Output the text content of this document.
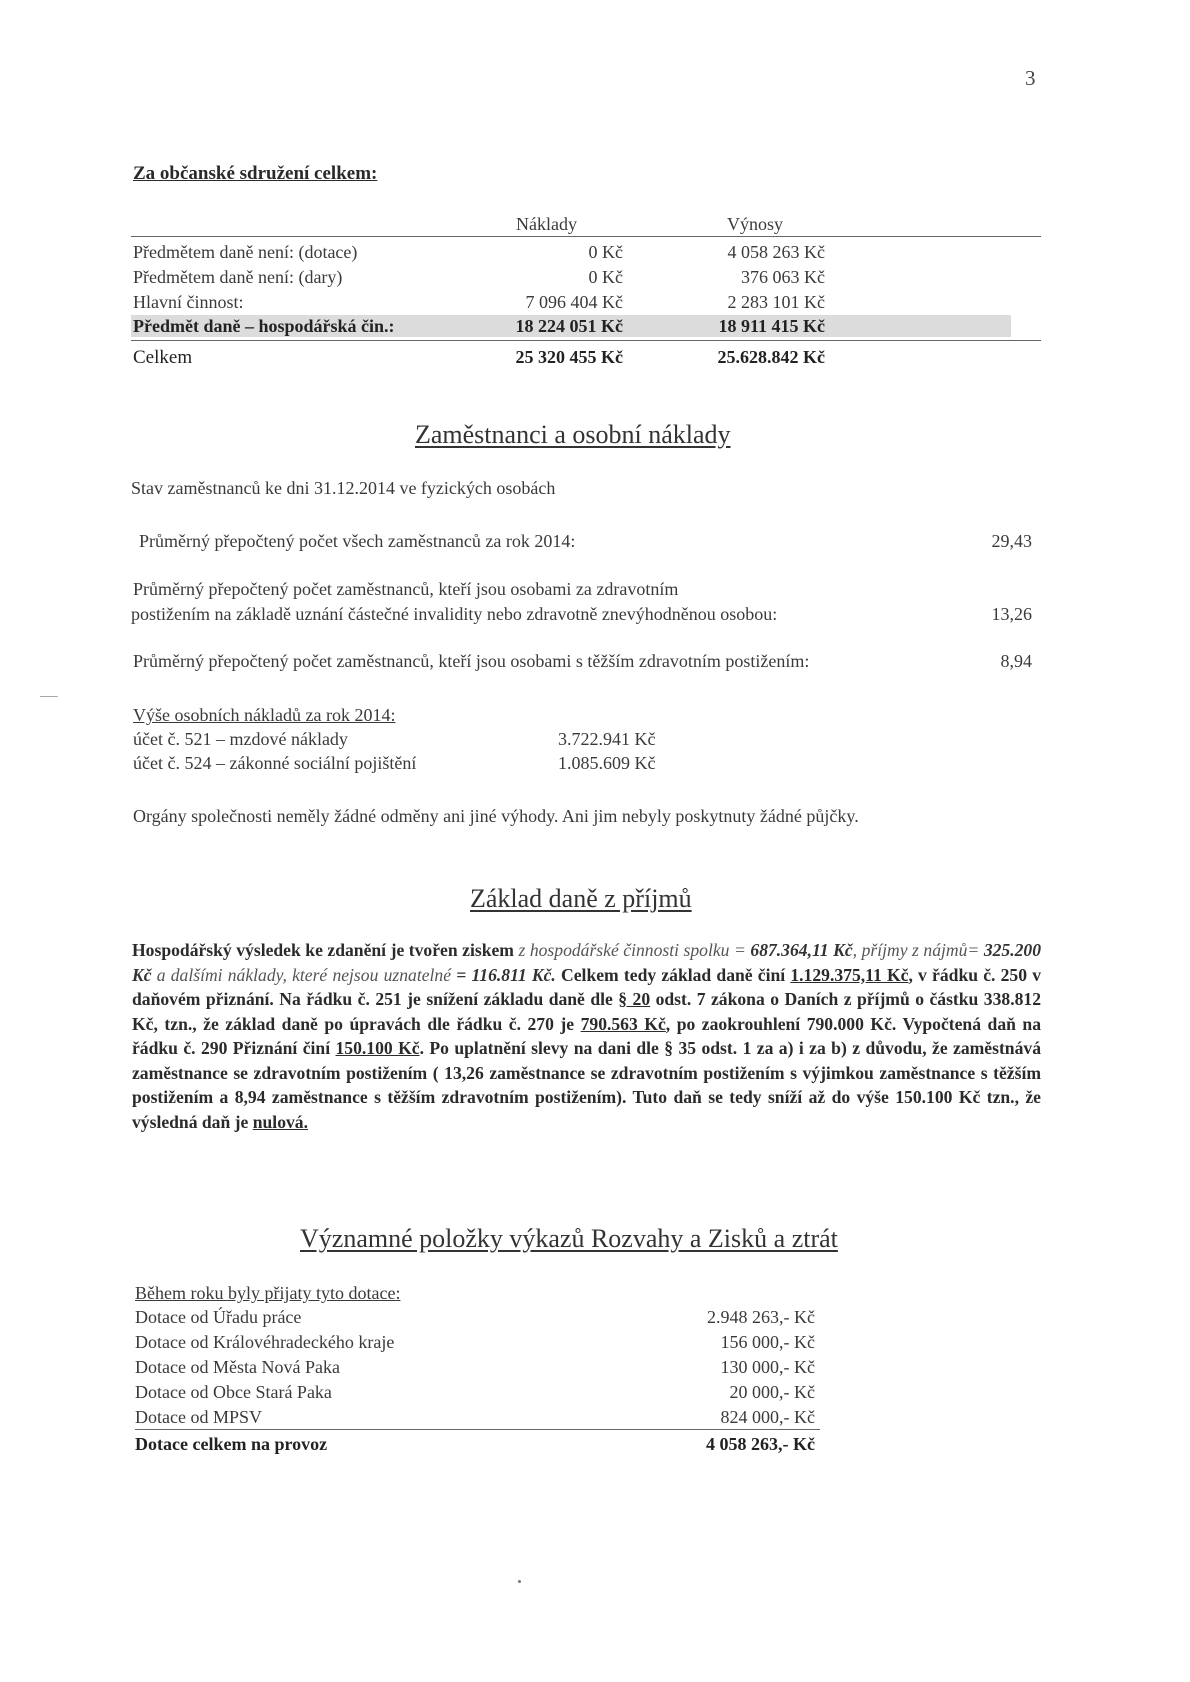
3
Za občanské sdružení celkem:
Náklady	Výnosy
Předmětem daně není: (dotace)	0 Kč	4 058 263 Kč
Předmětem daně není: (dary)	0 Kč	376 063 Kč
Hlavní činnost:	7 096 404 Kč	2 283 101 Kč
Předmět daně – hospodářská čin.:	18 224 051 Kč	18 911 415 Kč
Celkem	25 320 455 Kč	25.628.842 Kč
Zaměstnanci a osobní náklady
Stav zaměstnanců ke dni 31.12.2014 ve fyzických osobách
Průměrný přepočtený počet všech zaměstnanců za rok 2014:	29,43
Průměrný přepočtený počet zaměstnanců, kteří jsou osobami za zdravotním
postižením na základě uznání částečné invalidity nebo zdravotně znevýhodněnou osobou:	13,26
Průměrný přepočtený počet zaměstnanců, kteří jsou osobami s těžším zdravotním postižením:	8,94
Výše osobních nákladů za rok 2014:
účet č. 521 – mzdové náklady	3.722.941 Kč
účet č. 524 – zákonné sociální pojištění	1.085.609 Kč
Orgány společnosti neměly žádné odměny ani jiné výhody. Ani jim nebyly poskytnuty žádné půjčky.
Základ daně z příjmů
Hospodářský výsledek ke zdanění je tvořen ziskem z hospodářské činnosti spolku = 687.364,11 Kč, příjmy z nájmů= 325.200 Kč a dalšími náklady, které nejsou uznatelné = 116.811 Kč. Celkem tedy základ daně činí 1.129.375,11 Kč, v řádku č. 250 v daňovém přiznání. Na řádku č. 251 je snížení základu daně dle § 20 odst. 7 zákona o Daních z příjmů o částku 338.812 Kč, tzn., že základ daně po úpravách dle řádku č. 270 je 790.563 Kč, po zaokrouhlení 790.000 Kč. Vypočtená daň na řádku č. 290 Přiznání činí 150.100 Kč. Po uplatnění slevy na dani dle § 35 odst. 1 za a) i za b) z důvodu, že zaměstnává zaměstnance se zdravotním postižením ( 13,26 zaměstnance se zdravotním postižením s výjimkou zaměstnance s těžším postižením a 8,94 zaměstnance s těžším zdravotním postižením). Tuto daň se tedy sníží až do výše 150.100 Kč tzn., že výsledná daň je nulová.
Významné položky výkazů Rozvahy a Zisků a ztrát
Během roku byly přijaty tyto dotace:
Dotace od Úřadu práce	2.948 263,- Kč
Dotace od Královéhradeckého kraje	156 000,- Kč
Dotace od Města Nová Paka	130 000,- Kč
Dotace od Obce Stará Paka	20 000,- Kč
Dotace od MPSV	824 000,- Kč
Dotace celkem na provoz	4 058 263,- Kč
